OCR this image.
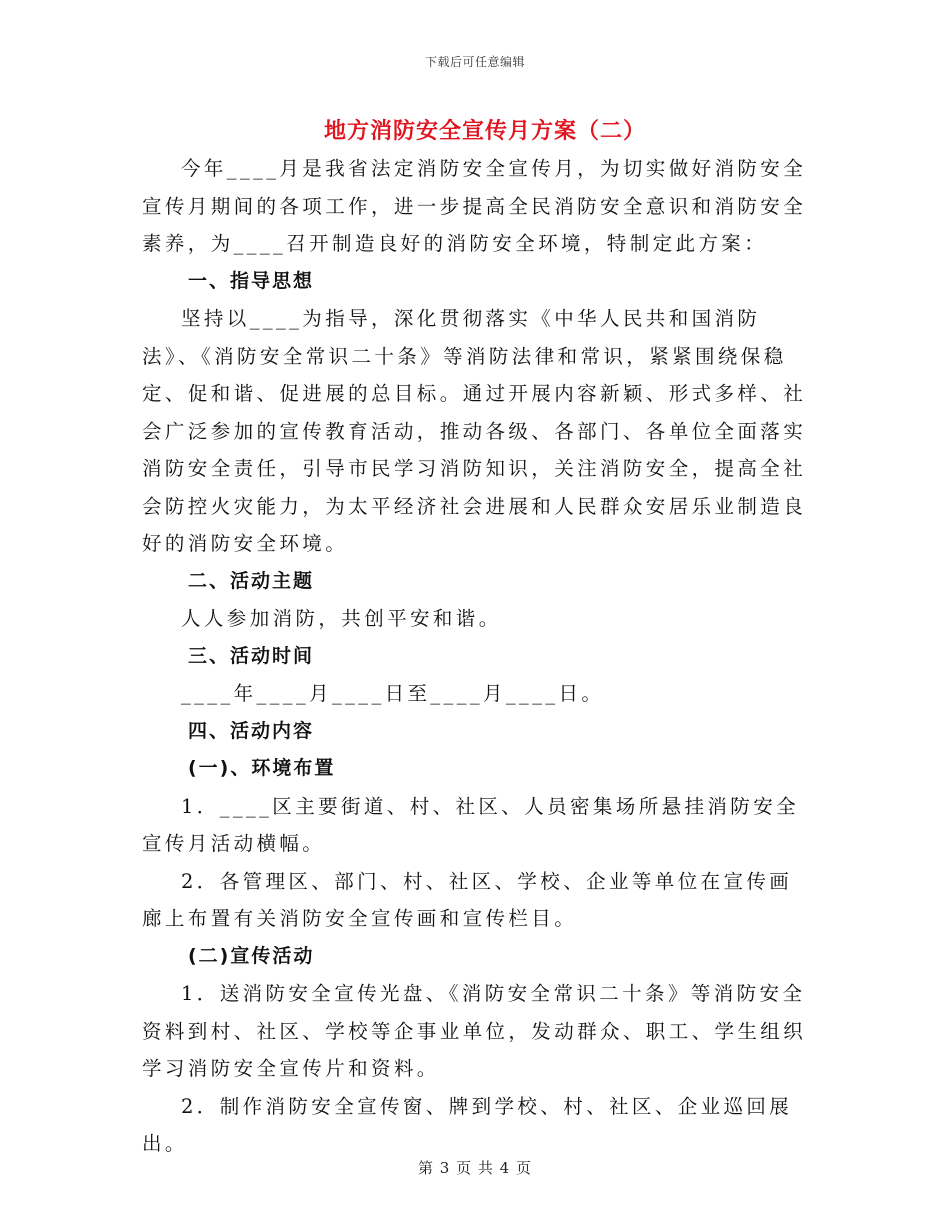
下载后可任意编辑
地方消防安全宣传月方案（二）

今年____月是我省法定消防安全宣传月，为切实做好消防安全宣传月期间的各项工作，进一步提高全民消防安全意识和消防安全素养，为____召开制造良好的消防安全环境，特制定此方案：

一、指导思想

坚持以____为指导，深化贯彻落实《中华人民共和国消防法》、《消防安全常识二十条》等消防法律和常识，紧紧围绕保稳定、促和谐、促进展的总目标。通过开展内容新颖、形式多样、社会广泛参加的宣传教育活动，推动各级、各部门、各单位全面落实消防安全责任，引导市民学习消防知识，关注消防安全，提高全社会防控火灾能力，为太平经济社会进展和人民群众安居乐业制造良好的消防安全环境。

二、活动主题

人人参加消防，共创平安和谐。

三、活动时间

____年____月____日至____月____日。

四、活动内容

(一)、环境布置

1．____区主要街道、村、社区、人员密集场所悬挂消防安全宣传月活动横幅。

2．各管理区、部门、村、社区、学校、企业等单位在宣传画廊上布置有关消防安全宣传画和宣传栏目。

(二)宣传活动

1．送消防安全宣传光盘、《消防安全常识二十条》等消防安全资料到村、社区、学校等企事业单位，发动群众、职工、学生组织学习消防安全宣传片和资料。

2．制作消防安全宣传窗、牌到学校、村、社区、企业巡回展出。

第 3 页 共 4 页
